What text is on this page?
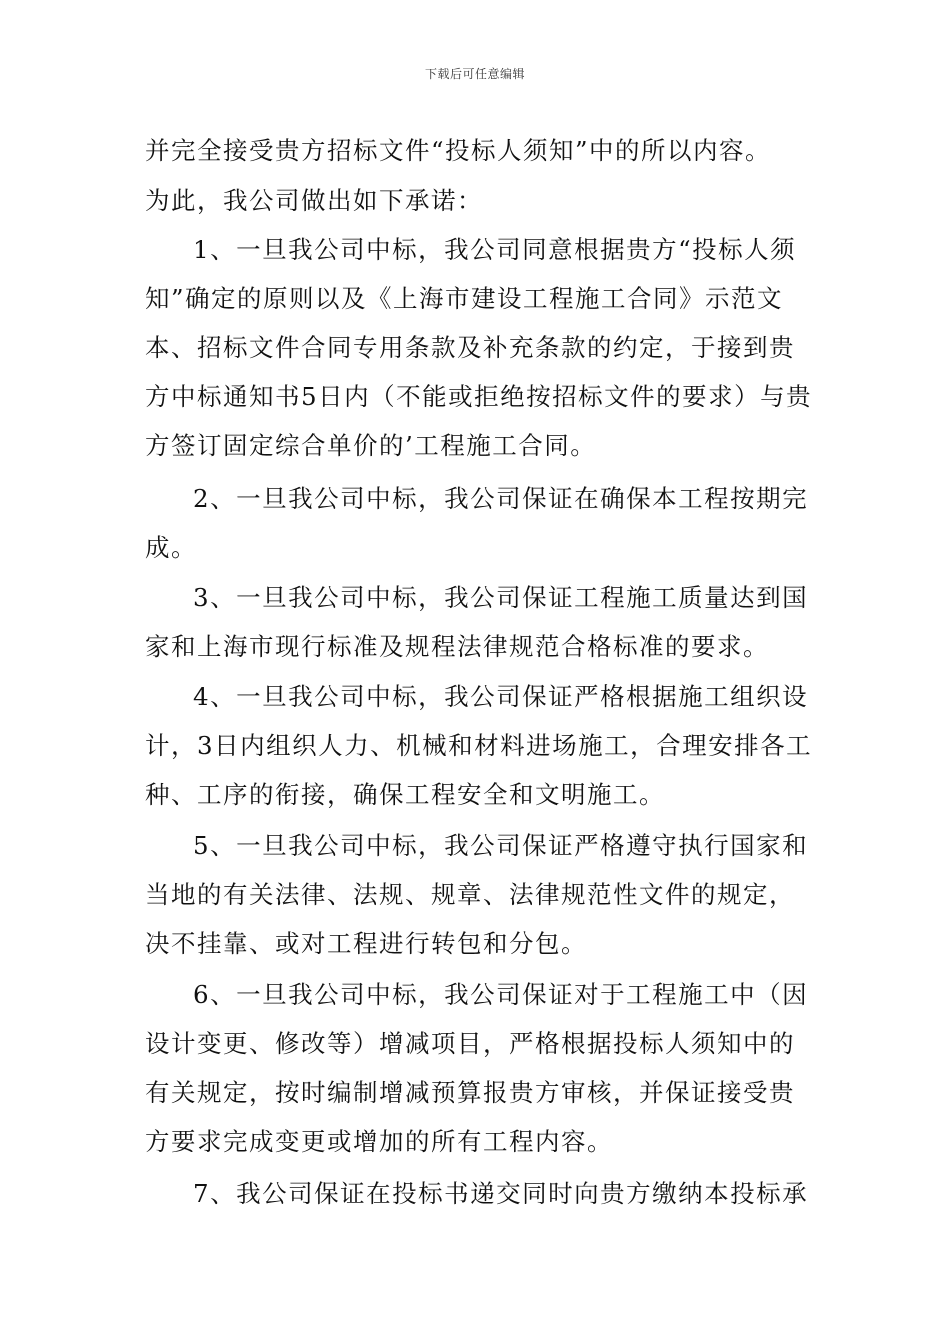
下载后可任意编辑
并完全接受贵方招标文件“投标人须知”中的所以内容。
为此，我公司做出如下承诺：
1、一旦我公司中标，我公司同意根据贵方“投标人须
知”确定的原则以及《上海市建设工程施工合同》示范文
本、招标文件合同专用条款及补充条款的约定，于接到贵
方中标通知书5日内（不能或拒绝按招标文件的要求）与贵
方签订固定综合单价的’工程施工合同。
2、一旦我公司中标，我公司保证在确保本工程按期完
成。
3、一旦我公司中标，我公司保证工程施工质量达到国
家和上海市现行标准及规程法律规范合格标准的要求。
4、一旦我公司中标，我公司保证严格根据施工组织设
计，3日内组织人力、机械和材料进场施工，合理安排各工
种、工序的衔接，确保工程安全和文明施工。
5、一旦我公司中标，我公司保证严格遵守执行国家和
当地的有关法律、法规、规章、法律规范性文件的规定，
决不挂靠、或对工程进行转包和分包。
6、一旦我公司中标，我公司保证对于工程施工中（因
设计变更、修改等）增减项目，严格根据投标人须知中的
有关规定，按时编制增减预算报贵方审核，并保证接受贵
方要求完成变更或增加的所有工程内容。
7、我公司保证在投标书递交同时向贵方缴纳本投标承
